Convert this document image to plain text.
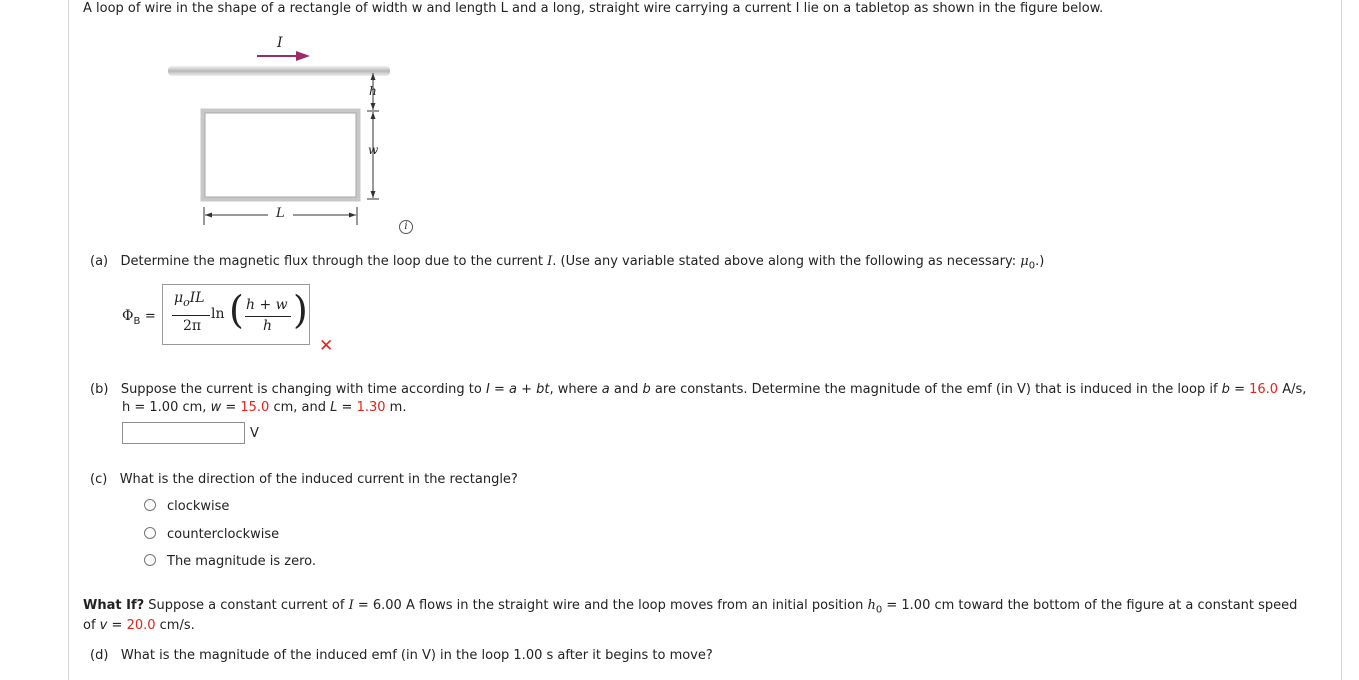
A loop of wire in the shape of a rectangle of width w and length L and a long, straight wire carrying a current I lie on a tabletop as shown in the figure below.
I
h
w
L
i
(a) Determine the magnetic flux through the loop due to the current I. (Use any variable stated above along with the following as necessary: $\mu_0$.)
$\Phi_B$ =
$\mu_oIL$
2π
ln ( h + w
h )
✕
(b) Suppose the current is changing with time according to I = a + bt, where a and b are constants. Determine the magnitude of the emf (in V) that is induced in the loop if b = 16.0 A/s,
h = 1.00 cm, w = 15.0 cm, and L = 1.30 m.
V
(c) What is the direction of the induced current in the rectangle?
clockwise
counterclockwise
The magnitude is zero.
What If? Suppose a constant current of I = 6.00 A flows in the straight wire and the loop moves from an initial position $h_0 = 1.00$ cm toward the bottom of the figure at a constant speed
of v = 20.0 cm/s.
(d) What is the magnitude of the induced emf (in V) in the loop 1.00 s after it begins to move?
